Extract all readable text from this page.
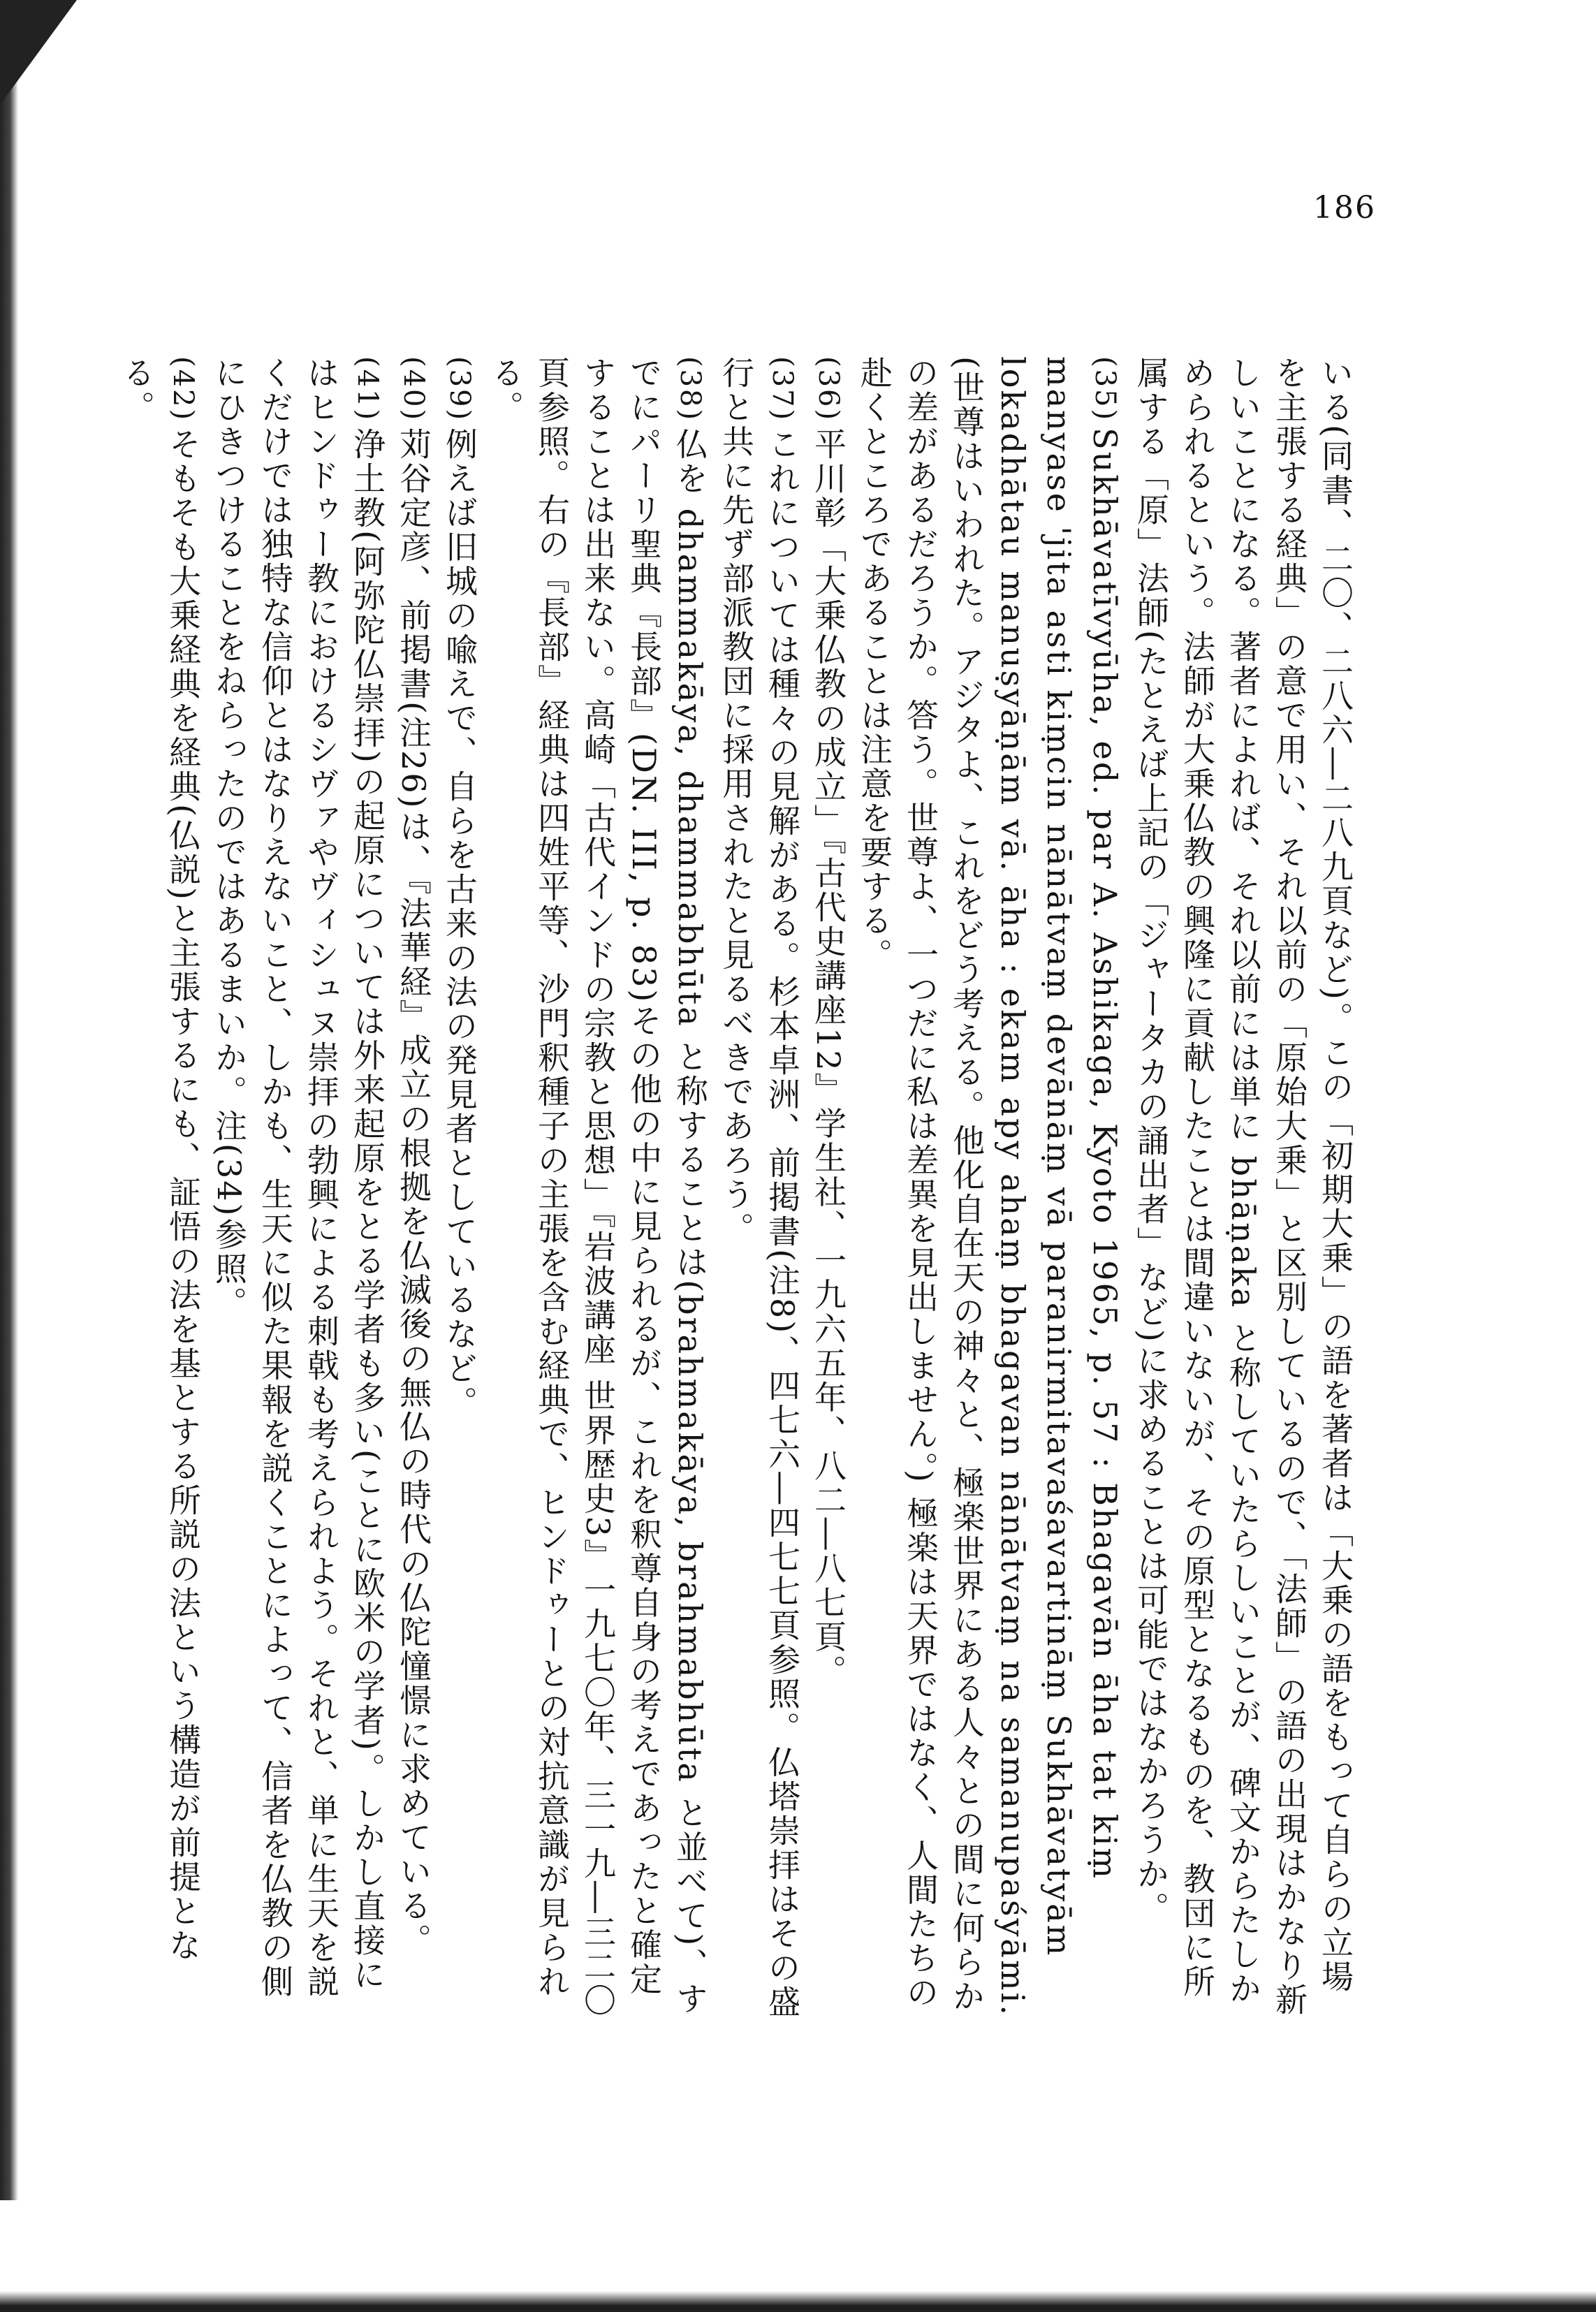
186

いる(同書、二〇、二八六―二八九頁など)。この「初期大乗」の語を著者は「大乗の語をもって自らの立場を主張する経典」の意で用い、それ以前の「原始大乗」と区別しているので、「法師」の語の出現はかなり新しいことになる。著者によれば、それ以前には単に bhāṇaka と称していたらしいことが、碑文からたしかめられるという。法師が大乗仏教の興隆に貢献したことは間違いないが、その原型となるものを、教団に所属する「原」法師(たとえば上記の「ジャータカの誦出者」など)に求めることは可能ではなかろうか。

(35)Sukhāvatīvyūha, ed. par A. Ashikaga, Kyoto 1965, p. 57 : Bhagavān āha tat kiṃ manyase 'jita asti kiṃcin nānātvaṃ devānāṃ vā paranirmitavaśavartināṃ Sukhāvatyām lokadhātau manuṣyāṇām vā. āha : ekam apy ahaṃ bhagavan nānātvaṃ na samanupaśyāmi. (世尊はいわれた。アジタよ、これをどう考える。他化自在天の神々と、極楽世界にある人々との間に何らかの差があるだろうか。答う。世尊よ、一つだに私は差異を見出しません。) 極楽は天界ではなく、人間たちの赴くところであることは注意を要する。

(36)平川彰「大乗仏教の成立」『古代史講座12』学生社、一九六五年、八二―八七頁。

(37)これについては種々の見解がある。杉本卓洲、前掲書(注8)、四七六―四七七頁参照。仏塔崇拝はその盛行と共に先ず部派教団に採用されたと見るべきであろう。

(38)仏を dhammakāya, dhammabhūta と称することは(brahmakāya, brahmabhūta と並べて)、すでにパーリ聖典『長部』(DN. III, p. 83)その他の中に見られるが、これを釈尊自身の考えであったと確定することは出来ない。高崎「古代インドの宗教と思想」『岩波講座 世界歴史3』一九七〇年、三一九―三二〇頁参照。右の『長部』経典は四姓平等、沙門釈種子の主張を含む経典で、ヒンドゥーとの対抗意識が見られる。

(39)例えば旧城の喩えで、自らを古来の法の発見者としているなど。

(40)苅谷定彦、前掲書(注26)は、『法華経』成立の根拠を仏滅後の無仏の時代の仏陀憧憬に求めている。

(41)浄土教(阿弥陀仏崇拝)の起原については外来起原をとる学者も多い(ことに欧米の学者)。しかし直接にはヒンドゥー教におけるシヴァやヴィシュヌ崇拝の勃興による刺戟も考えられよう。それと、単に生天を説くだけでは独特な信仰とはなりえないこと、しかも、生天に似た果報を説くことによって、信者を仏教の側にひきつけることをねらったのではあるまいか。注(34)参照。

(42)そもそも大乗経典を経典(仏説)と主張するにも、証悟の法を基とする所説の法という構造が前提となる。
